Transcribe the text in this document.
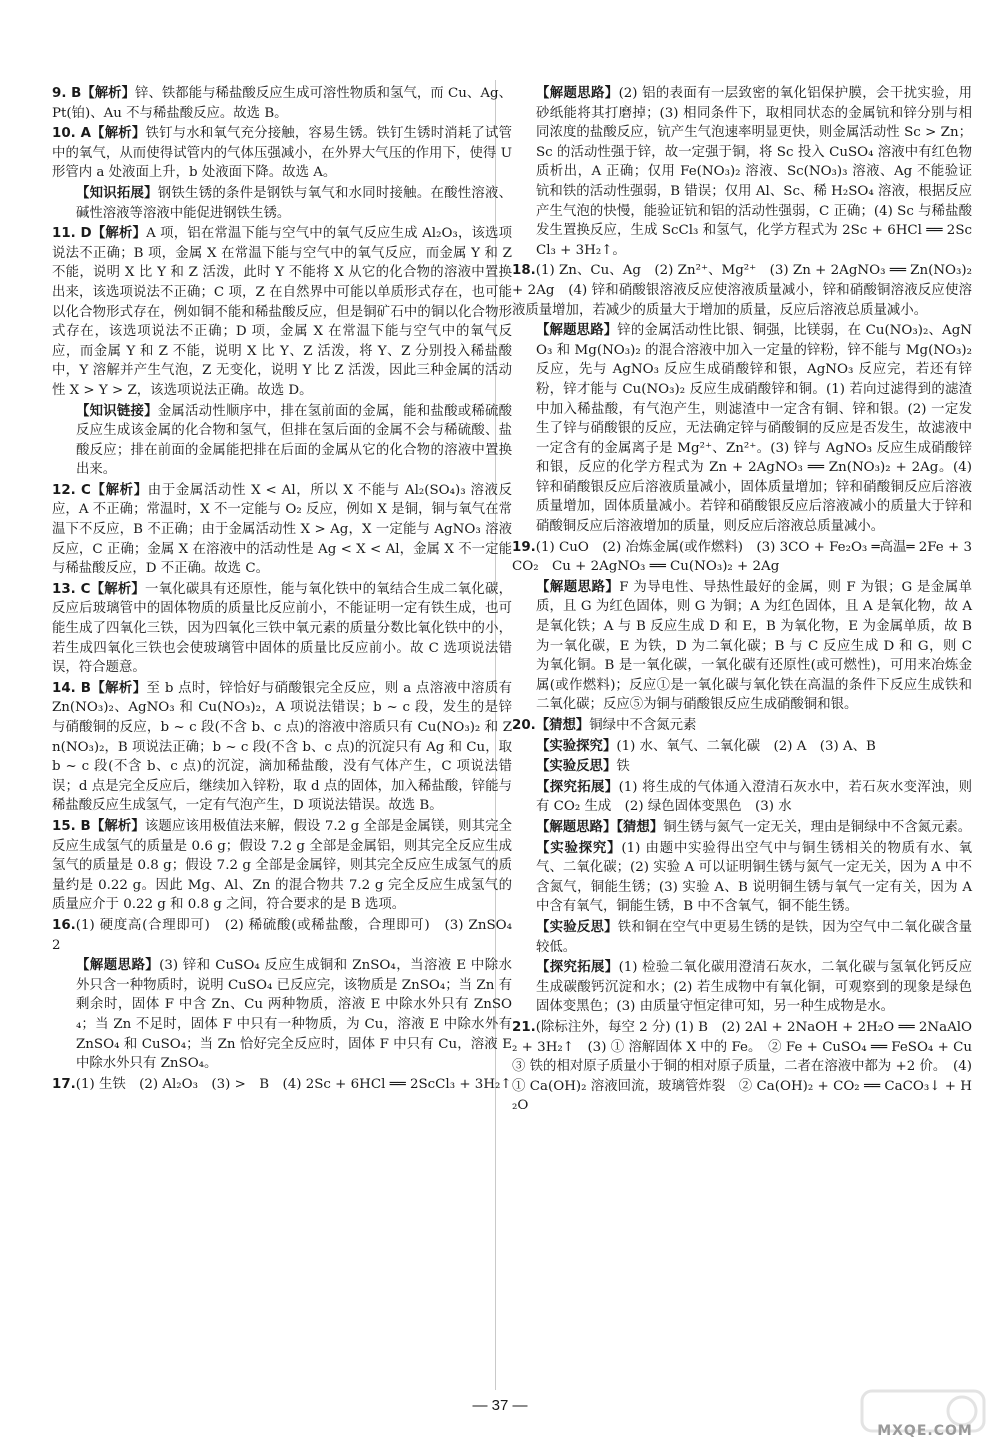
9. B【解析】锌、铁都能与稀盐酸反应生成可溶性物质和氢气，而 Cu、Ag、Pt(铂)、Au 不与稀盐酸反应。故选 B。
10. A【解析】铁钉与水和氧气充分接触，容易生锈。铁钉生锈时消耗了试管中的氧气，从而使得试管内的气体压强减小，在外界大气压的作用下，使得 U 形管内 a 处液面上升，b 处液面下降。故选 A。
【知识拓展】钢铁生锈的条件是钢铁与氧气和水同时接触。在酸性溶液、碱性溶液等溶液中能促进钢铁生锈。
11. D【解析】A 项，铝在常温下能与空气中的氧气反应生成 Al₂O₃，该选项说法不正确；B 项，金属 X 在常温下能与空气中的氧气反应，而金属 Y 和 Z 不能，说明 X 比 Y 和 Z 活泼，此时 Y 不能将 X 从它的化合物的溶液中置换出来，该选项说法不正确；C 项，Z 在自然界中可能以单质形式存在，也可能以化合物形式存在，例如铜不能和稀盐酸反应，但是铜矿石中的铜以化合物形式存在，该选项说法不正确；D 项，金属 X 在常温下能与空气中的氧气反应，而金属 Y 和 Z 不能，说明 X 比 Y、Z 活泼，将 Y、Z 分别投入稀盐酸中，Y 溶解并产生气泡，Z 无变化，说明 Y 比 Z 活泼，因此三种金属的活动性 X > Y > Z，该选项说法正确。故选 D。
【知识链接】金属活动性顺序中，排在氢前面的金属，能和盐酸或稀硫酸反应生成该金属的化合物和氢气，但排在氢后面的金属不会与稀硫酸、盐酸反应；排在前面的金属能把排在后面的金属从它的化合物的溶液中置换出来。
12. C【解析】由于金属活动性 X < Al，所以 X 不能与 Al₂(SO₄)₃ 溶液反应，A 不正确；常温时，X 不一定能与 O₂ 反应，例如 X 是铜，铜与氧气在常温下不反应，B 不正确；由于金属活动性 X > Ag，X 一定能与 AgNO₃ 溶液反应，C 正确；金属 X 在溶液中的活动性是 Ag < X < Al，金属 X 不一定能与稀盐酸反应，D 不正确。故选 C。
13. C【解析】一氧化碳具有还原性，能与氧化铁中的氧结合生成二氧化碳，反应后玻璃管中的固体物质的质量比反应前小，不能证明一定有铁生成，也可能生成了四氧化三铁，因为四氧化三铁中氧元素的质量分数比氧化铁中的小，若生成四氧化三铁也会使玻璃管中固体的质量比反应前小。故 C 选项说法错误，符合题意。
14. B【解析】至 b 点时，锌恰好与硝酸银完全反应，则 a 点溶液中溶质有 Zn(NO₃)₂、AgNO₃ 和 Cu(NO₃)₂，A 项说法错误；b ~ c 段，发生的是锌与硝酸铜的反应，b ~ c 段(不含 b、c 点)的溶液中溶质只有 Cu(NO₃)₂ 和 Zn(NO₃)₂，B 项说法正确；b ~ c 段(不含 b、c 点)的沉淀只有 Ag 和 Cu，取 b ~ c 段(不含 b、c 点)的沉淀，滴加稀盐酸，没有气体产生，C 项说法错误；d 点是完全反应后，继续加入锌粉，取 d 点的固体，加入稀盐酸，锌能与稀盐酸反应生成氢气，一定有气泡产生，D 项说法错误。故选 B。
15. B【解析】该题应该用极值法来解，假设 7.2 g 全部是金属镁，则其完全反应生成氢气的质量是 0.6 g；假设 7.2 g 全部是金属铝，则其完全反应生成氢气的质量是 0.8 g；假设 7.2 g 全部是金属锌，则其完全反应生成氢气的质量约是 0.22 g。因此 Mg、Al、Zn 的混合物共 7.2 g 完全反应生成氢气的质量应介于 0.22 g 和 0.8 g 之间，符合要求的是 B 选项。
16.(1) 硬度高(合理即可)　(2) 稀硫酸(或稀盐酸，合理即可)　(3) ZnSO₄　2
【解题思路】(3) 锌和 CuSO₄ 反应生成铜和 ZnSO₄，当溶液 E 中除水外只含一种物质时，说明 CuSO₄ 已反应完，该物质是 ZnSO₄；当 Zn 有剩余时，固体 F 中含 Zn、Cu 两种物质，溶液 E 中除水外只有 ZnSO₄；当 Zn 不足时，固体 F 中只有一种物质，为 Cu，溶液 E 中除水外有 ZnSO₄ 和 CuSO₄；当 Zn 恰好完全反应时，固体 F 中只有 Cu，溶液 E 中除水外只有 ZnSO₄。
17.(1) 生铁　(2) Al₂O₃　(3) >　B　(4) 2Sc + 6HCl ══ 2ScCl₃ + 3H₂↑
【解题思路】(2) 铝的表面有一层致密的氧化铝保护膜，会干扰实验，用砂纸能将其打磨掉；(3) 相同条件下，取相同状态的金属钪和锌分别与相同浓度的盐酸反应，钪产生气泡速率明显更快，则金属活动性 Sc > Zn；Sc 的活动性强于锌，故一定强于铜，将 Sc 投入 CuSO₄ 溶液中有红色物质析出，A 正确；仅用 Fe(NO₃)₂ 溶液、Sc(NO₃)₃ 溶液、Ag 不能验证钪和铁的活动性强弱，B 错误；仅用 Al、Sc、稀 H₂SO₄ 溶液，根据反应产生气泡的快慢，能验证钪和铝的活动性强弱，C 正确；(4) Sc 与稀盐酸发生置换反应，生成 ScCl₃ 和氢气，化学方程式为 2Sc + 6HCl ══ 2ScCl₃ + 3H₂↑。
18.(1) Zn、Cu、Ag　(2) Zn²⁺、Mg²⁺　(3) Zn + 2AgNO₃ ══ Zn(NO₃)₂ + 2Ag　(4) 锌和硝酸银溶液反应使溶液质量减小，锌和硝酸铜溶液反应使溶液质量增加，若减少的质量大于增加的质量，反应后溶液总质量减小。
【解题思路】锌的金属活动性比银、铜强，比镁弱，在 Cu(NO₃)₂、AgNO₃ 和 Mg(NO₃)₂ 的混合溶液中加入一定量的锌粉，锌不能与 Mg(NO₃)₂ 反应，先与 AgNO₃ 反应生成硝酸锌和银，AgNO₃ 反应完，若还有锌粉，锌才能与 Cu(NO₃)₂ 反应生成硝酸锌和铜。(1) 若向过滤得到的滤渣中加入稀盐酸，有气泡产生，则滤渣中一定含有铜、锌和银。(2) 一定发生了锌与硝酸银的反应，无法确定锌与硝酸铜的反应是否发生，故滤液中一定含有的金属离子是 Mg²⁺、Zn²⁺。(3) 锌与 AgNO₃ 反应生成硝酸锌和银，反应的化学方程式为 Zn + 2AgNO₃ ══ Zn(NO₃)₂ + 2Ag。(4) 锌和硝酸银反应后溶液质量减小，固体质量增加；锌和硝酸铜反应后溶液质量增加，固体质量减小。若锌和硝酸银反应后溶液减小的质量大于锌和硝酸铜反应后溶液增加的质量，则反应后溶液总质量减小。
19.(1) CuO　(2) 冶炼金属(或作燃料)　(3) 3CO + Fe₂O₃ ═高温═ 2Fe + 3CO₂　Cu + 2AgNO₃ ══ Cu(NO₃)₂ + 2Ag
【解题思路】F 为导电性、导热性最好的金属，则 F 为银；G 是金属单质，且 G 为红色固体，则 G 为铜；A 为红色固体，且 A 是氧化物，故 A 是氧化铁；A 与 B 反应生成 D 和 E，B 为氧化物，E 为金属单质，故 B 为一氧化碳，E 为铁，D 为二氧化碳；B 与 C 反应生成 D 和 G，则 C 为氧化铜。B 是一氧化碳，一氧化碳有还原性(或可燃性)，可用来冶炼金属(或作燃料)；反应①是一氧化碳与氧化铁在高温的条件下反应生成铁和二氧化碳；反应⑤为铜与硝酸银反应生成硝酸铜和银。
20.【猜想】铜绿中不含氮元素
【实验探究】(1) 水、氧气、二氧化碳　(2) A　(3) A、B
【实验反思】铁
【探究拓展】(1) 将生成的气体通入澄清石灰水中，若石灰水变浑浊，则有 CO₂ 生成　(2) 绿色固体变黑色　(3) 水
【解题思路】【猜想】铜生锈与氮气一定无关，理由是铜绿中不含氮元素。
【实验探究】(1) 由题中实验得出空气中与铜生锈相关的物质有水、氧气、二氧化碳；(2) 实验 A 可以证明铜生锈与氮气一定无关，因为 A 中不含氮气，铜能生锈；(3) 实验 A、B 说明铜生锈与氧气一定有关，因为 A 中含有氧气，铜能生锈，B 中不含氧气，铜不能生锈。
【实验反思】铁和铜在空气中更易生锈的是铁，因为空气中二氧化碳含量较低。
【探究拓展】(1) 检验二氧化碳用澄清石灰水，二氧化碳与氢氧化钙反应生成碳酸钙沉淀和水；(2) 若生成物中有氧化铜，可观察到的现象是绿色固体变黑色；(3) 由质量守恒定律可知，另一种生成物是水。
21.(除标注外，每空 2 分) (1) B　(2) 2Al + 2NaOH + 2H₂O ══ 2NaAlO₂ + 3H₂↑　(3) ① 溶解固体 X 中的 Fe。　② Fe + CuSO₄ ══ FeSO₄ + Cu　③ 铁的相对原子质量小于铜的相对原子质量，二者在溶液中都为 +2 价。　(4) ① Ca(OH)₂ 溶液回流，玻璃管炸裂　② Ca(OH)₂ + CO₂ ══ CaCO₃↓ + H₂O
— 37 —
MXQE.COM
